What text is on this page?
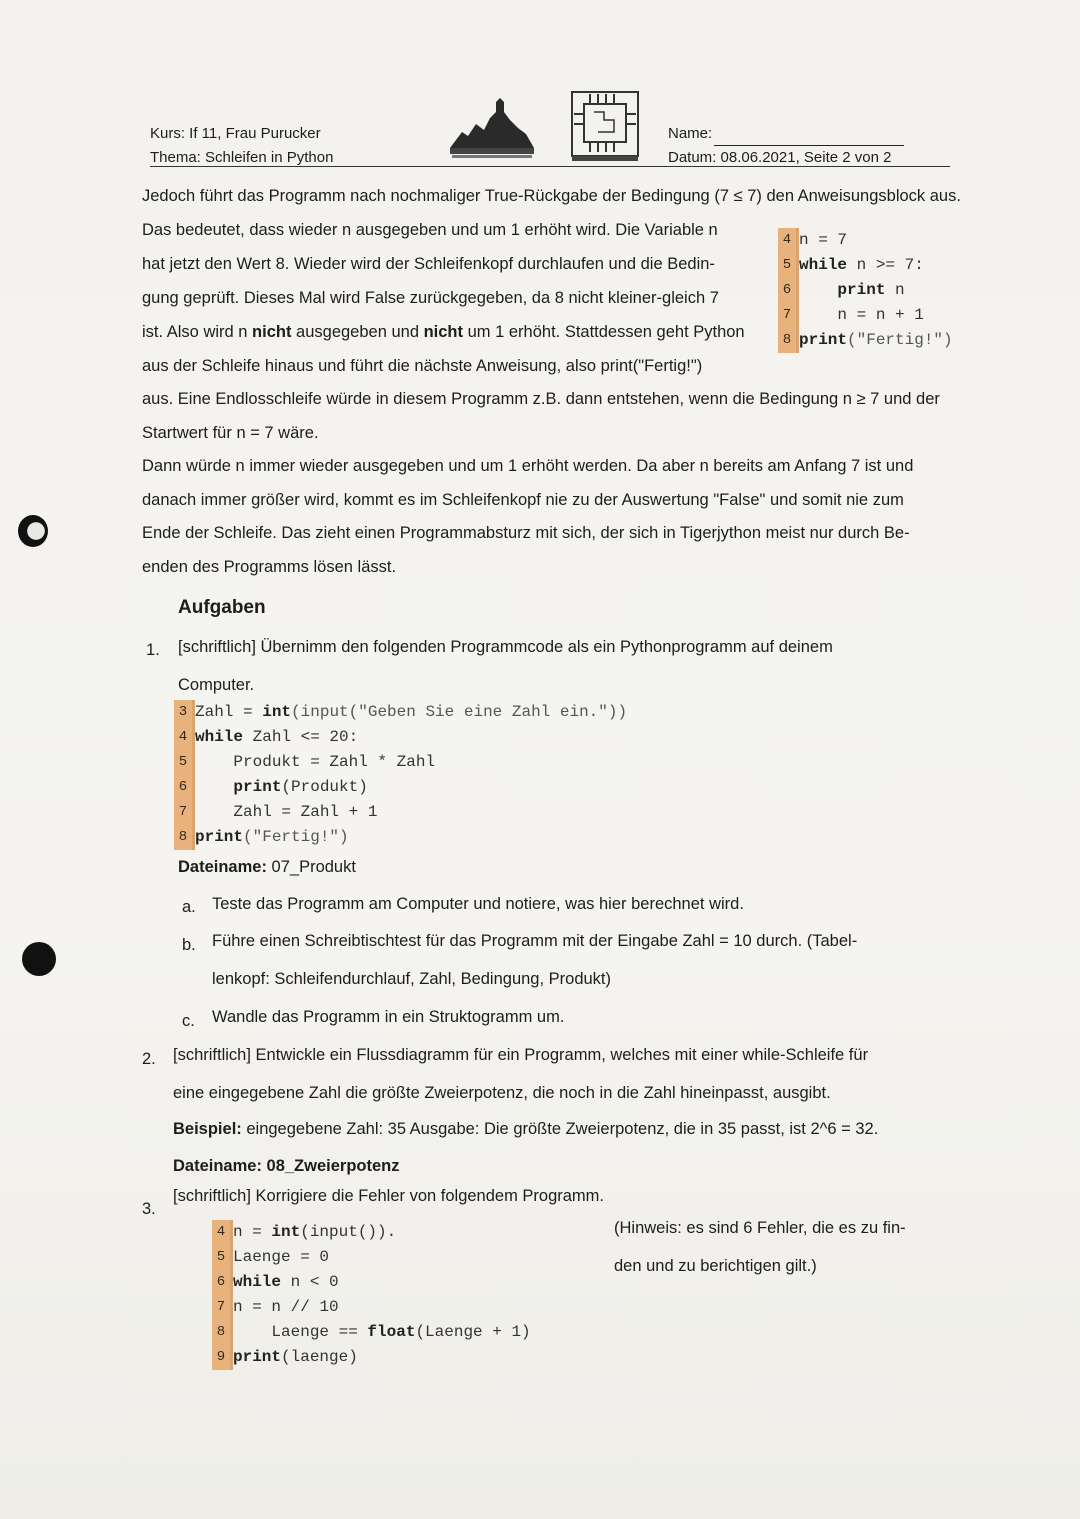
Kurs: If 11, Frau Purucker
Thema: Schleifen in Python
Name:
Datum: 08.06.2021, Seite 2 von 2
Jedoch führt das Programm nach nochmaliger True-Rückgabe der Bedingung (7 ≤ 7) den Anweisungsblock aus.
Das bedeutet, dass wieder n ausgegeben und um 1 erhöht wird. Die Variable n
hat jetzt den Wert 8. Wieder wird der Schleifenkopf durchlaufen und die Bedin-
gung geprüft. Dieses Mal wird False zurückgegeben, da 8 nicht kleiner-gleich 7
ist. Also wird n nicht ausgegeben und nicht um 1 erhöht. Stattdessen geht Python
aus der Schleife hinaus und führt die nächste Anweisung, also print("Fertig!")
aus. Eine Endlosschleife würde in diesem Programm z.B. dann entstehen, wenn die Bedingung n ≥ 7 und der
Startwert für n = 7 wäre.
Dann würde n immer wieder ausgegeben und um 1 erhöht werden. Da aber n bereits am Anfang 7 ist und
danach immer größer wird, kommt es im Schleifenkopf nie zu der Auswertung "False" und somit nie zum
Ende der Schleife. Das zieht einen Programmabsturz mit sich, der sich in Tigerjython meist nur durch Be-
enden des Programms lösen lässt.
4 n = 7
5 while n >= 7:
6	print n
7 n = n + 1
8 print("Fertig!")
Aufgaben
1. [schriftlich] Übernimm den folgenden Programmcode als ein Pythonprogramm auf deinem
Computer.
3 Zahl = int(input("Geben Sie eine Zahl ein."))
4 while Zahl <= 20:
5 Produkt = Zahl * Zahl
6	print(Produkt)
7 Zahl = Zahl + 1
8 print("Fertig!")
Dateiname: 07_Produkt
a. Teste das Programm am Computer und notiere, was hier berechnet wird.
b. Führe einen Schreibtischtest für das Programm mit der Eingabe Zahl = 10 durch. (Tabel-
lenkopf: Schleifendurchlauf, Zahl, Bedingung, Produkt)
c. Wandle das Programm in ein Struktogramm um.
2. [schriftlich] Entwickle ein Flussdiagramm für ein Programm, welches mit einer while-Schleife für
eine eingegebene Zahl die größte Zweierpotenz, die noch in die Zahl hineinpasst, ausgibt.
Beispiel: eingegebene Zahl: 35 Ausgabe: Die größte Zweierpotenz, die in 35 passt, ist 2^6 = 32.
Dateiname: 08_Zweierpotenz
3.
[schriftlich] Korrigiere die Fehler von folgendem Programm.
(Hinweis: es sind 6 Fehler, die es zu fin-
den und zu berichtigen gilt.)
4 n = int(input()).
5 Laenge = 0
6 while n < 0
7 n = n // 10
8 Laenge == float(Laenge + 1)
9 print(laenge)
